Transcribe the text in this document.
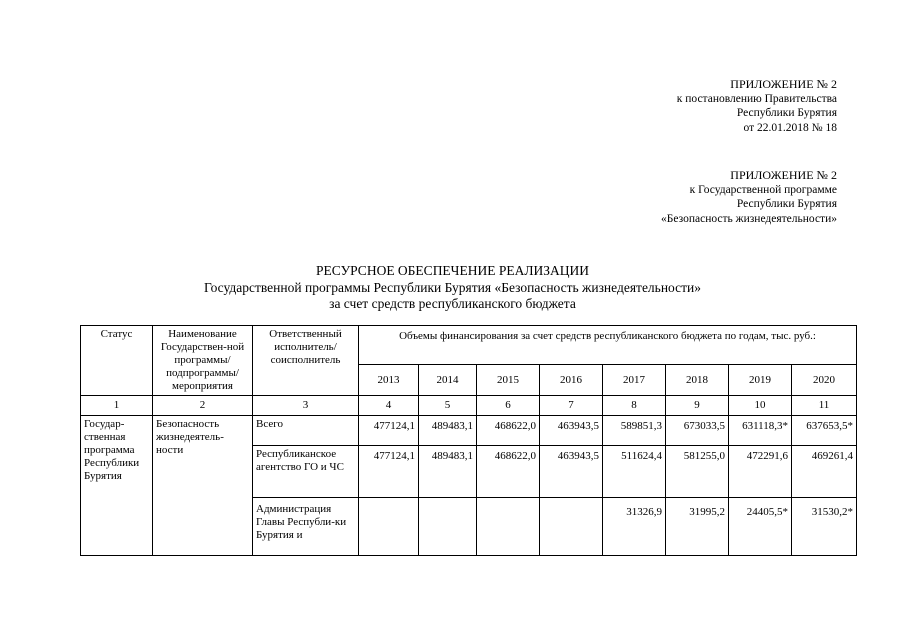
ПРИЛОЖЕНИЕ № 2
к постановлению Правительства
Республики Бурятия
от 22.01.2018 № 18
ПРИЛОЖЕНИЕ № 2
к Государственной программе
Республики Бурятия
«Безопасность жизнедеятельности»
РЕСУРСНОЕ ОБЕСПЕЧЕНИЕ РЕАЛИЗАЦИИ
Государственной программы Республики Бурятия «Безопасность жизнедеятельности»
за счет средств республиканского бюджета
Статус	Наименование Государствен-ной программы/ подпрограммы/ мероприятия	Ответственный исполнитель/ соисполнитель	Объемы финансирования за счет средств республиканского бюджета по годам, тыс. руб.:							
			2013	2014	2015	2016	2017	2018	2019	2020
1	2	3	4	5	6	7	8	9	10	11
Государ-ственная программа Республики Бурятия	Безопасность жизнедеятель-ности	Всего	477124,1	489483,1	468622,0	463943,5	589851,3	673033,5	631118,3*	637653,5*
		Республиканское агентство ГО и ЧС	477124,1	489483,1	468622,0	463943,5	511624,4	581255,0	472291,6	469261,4
		Администрация Главы Республи-ки Бурятия и					31326,9	31995,2	24405,5*	31530,2*
